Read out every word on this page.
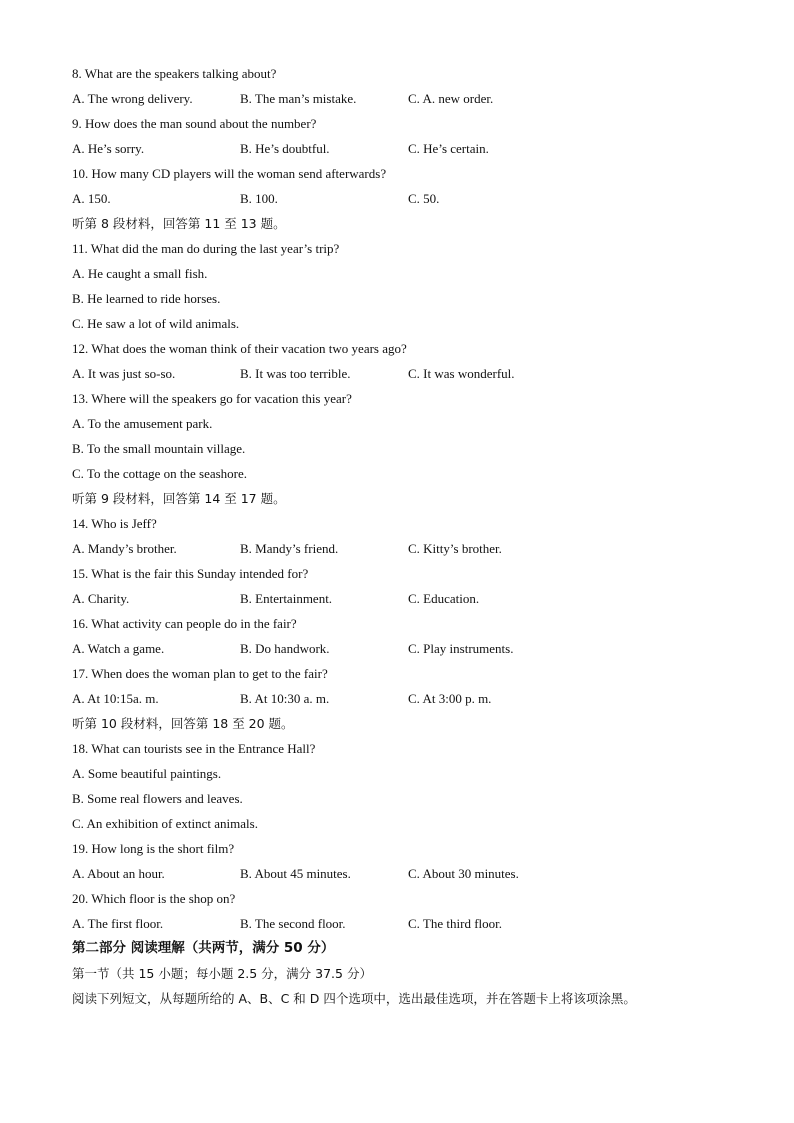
8. What are the speakers talking about?
A. The wrong delivery.	B. The man’s mistake.	C. A. new order.
9. How does the man sound about the number?
A. He’s sorry.	B. He’s doubtful.	C. He’s certain.
10. How many CD players will the woman send afterwards?
A. 150.	B. 100.	C. 50.
听第 8 段材料，回答第 11 至 13 题。
11. What did the man do during the last year’s trip?
A. He caught a small fish.
B. He learned to ride horses.
C. He saw a lot of wild animals.
12. What does the woman think of their vacation two years ago?
A. It was just so-so.	B. It was too terrible.	C. It was wonderful.
13. Where will the speakers go for vacation this year?
A. To the amusement park.
B. To the small mountain village.
C. To the cottage on the seashore.
听第 9 段材料，回答第 14 至 17 题。
14. Who is Jeff?
A. Mandy’s brother.	B. Mandy’s friend.	C. Kitty’s brother.
15. What is the fair this Sunday intended for?
A. Charity.	B. Entertainment.	C. Education.
16. What activity can people do in the fair?
A. Watch a game.	B. Do handwork.	C. Play instruments.
17. When does the woman plan to get to the fair?
A. At 10:15a. m.	B. At 10:30 a. m.	C. At 3:00 p. m.
听第 10 段材料，回答第 18 至 20 题。
18. What can tourists see in the Entrance Hall?
A. Some beautiful paintings.
B. Some real flowers and leaves.
C. An exhibition of extinct animals.
19. How long is the short film?
A. About an hour.	B. About 45 minutes.	C. About 30 minutes.
20. Which floor is the shop on?
A. The first floor.	B. The second floor.	C. The third floor.
第二部分 阅读理解（共两节，满分 50 分）
第一节（共 15 小题；每小题 2.5 分，满分 37.5 分）
阅读下列短文，从每题所给的 A、B、C 和 D 四个选项中，选出最佳选项，并在答题卡上将该项涂黑。
